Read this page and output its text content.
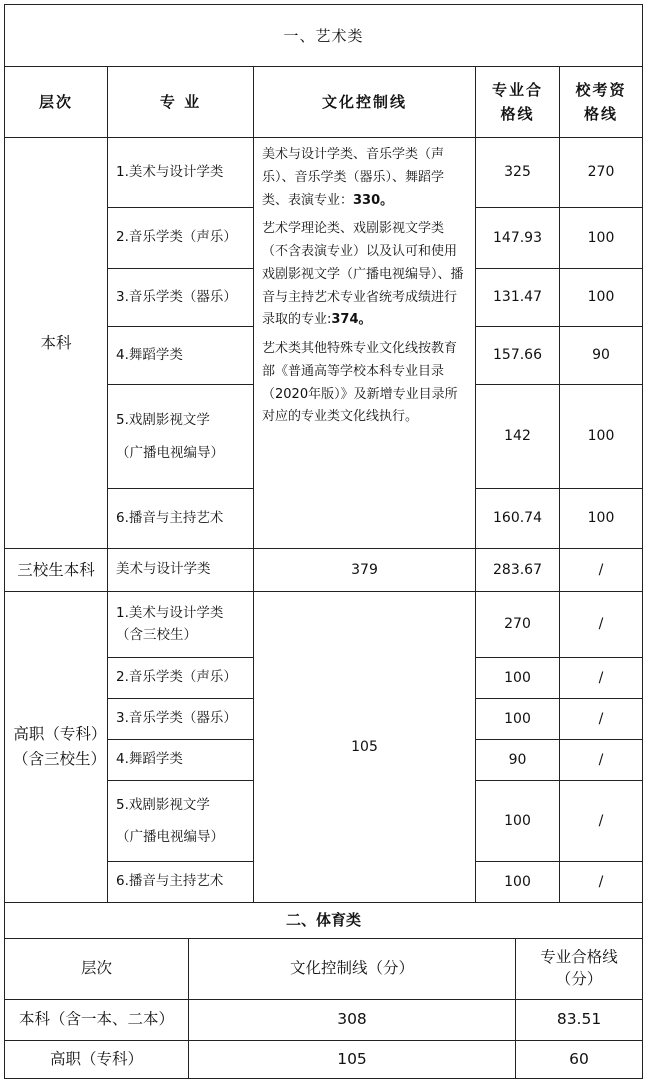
一、艺术类				
层次	专 业	文化控制线	专业合格线	校考资格线
本科	1.美术与设计学类	美术与设计学类、音乐学类（声乐）、音乐学类（器乐）、舞蹈学类、表演专业：330。

艺术学理论类、戏剧影视文学类（不含表演专业）以及认可和使用戏剧影视文学（广播电视编导）、播音与主持艺术专业省统考成绩进行录取的专业:374。

艺术类其他特殊专业文化线按教育部《普通高等学校本科专业目录（2020年版）》及新增专业目录所对应的专业类文化线执行。	325	270
	2.音乐学类（声乐）		147.93	100
	3.音乐学类（器乐）		131.47	100
	4.舞蹈学类		157.66	90
	5.戏剧影视文学（广播电视编导）		142	100
	6.播音与主持艺术		160.74	100
三校生本科	美术与设计学类	379	283.67	/
高职（专科）（含三校生）	1.美术与设计学类（含三校生）	105	270	/
	2.音乐学类（声乐）		100	/
	3.音乐学类（器乐）		100	/
	4.舞蹈学类		90	/
	5.戏剧影视文学（广播电视编导）		100	/
	6.播音与主持艺术		100	/
二、体育类		
层次	文化控制线（分）	专业合格线（分）
本科（含一本、二本）	308	83.51
高职（专科）	105	60
